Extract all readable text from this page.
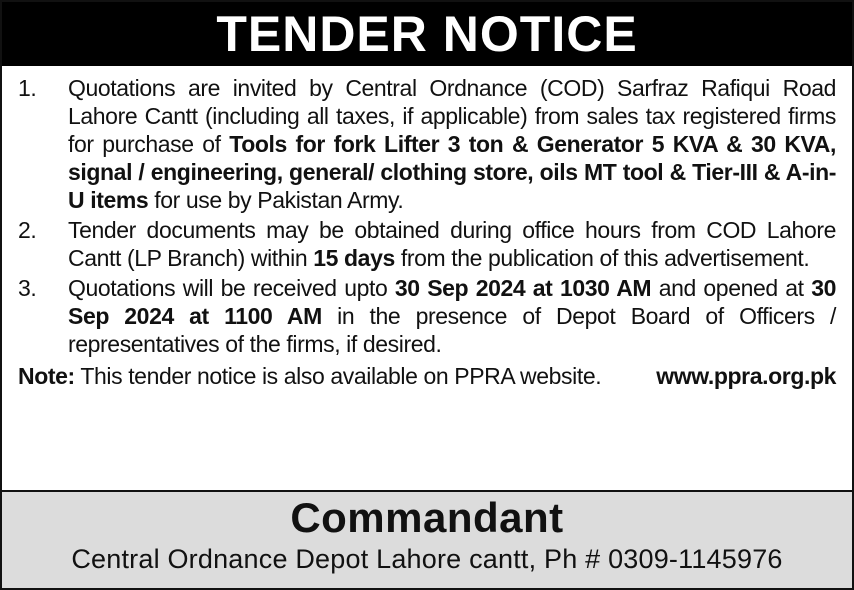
TENDER NOTICE
1.	Quotations are invited by Central Ordnance (COD) Sarfraz Rafiqui Road Lahore Cantt (including all taxes, if applicable) from sales tax registered firms for purchase of Tools for fork Lifter 3 ton & Generator 5 KVA & 30 KVA, signal / engineering, general/ clothing store, oils MT tool & Tier-III & A-in-U items for use by Pakistan Army.
2.	Tender documents may be obtained during office hours from COD Lahore Cantt (LP Branch) within 15 days from the publication of this advertisement.
3.	Quotations will be received upto 30 Sep 2024 at 1030 AM and opened at 30 Sep 2024 at 1100 AM in the presence of Depot Board of Officers / representatives of the firms, if desired.
Note: This tender notice is also available on PPRA website. www.ppra.org.pk
Commandant
Central Ordnance Depot Lahore cantt, Ph # 0309-1145976
